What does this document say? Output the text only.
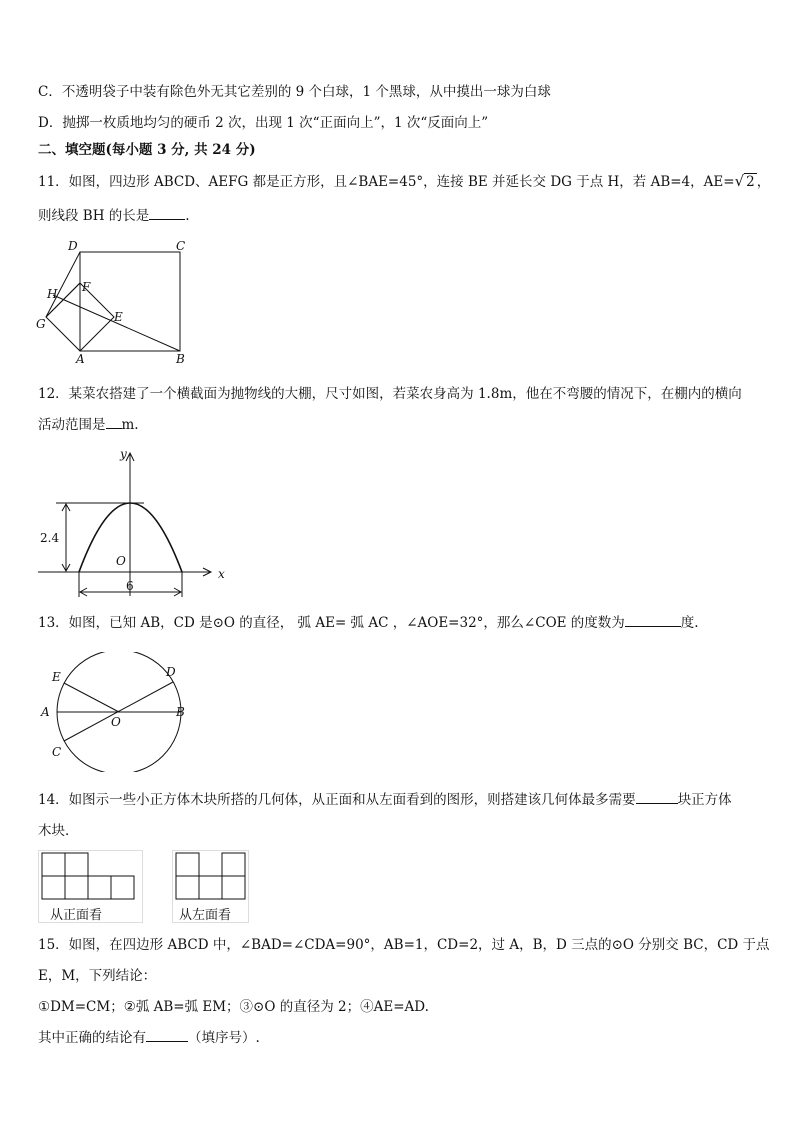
C．不透明袋子中装有除色外无其它差别的 9 个白球，1 个黑球，从中摸出一球为白球
D．抛掷一枚质地均匀的硬币 2 次，出现 1 次“正面向上”，1 次“反面向上”
二、填空题(每小题 3 分, 共 24 分)
11．如图，四边形 ABCD、AEFG 都是正方形，且∠BAE=45°，连接 BE 并延长交 DG 于点 H，若 AB=4，AE=√ 2 ，
则线段 BH 的长是	.
D	C
F
H
E
G
A	B
12．某菜农搭建了一个横截面为抛物线的大棚，尺寸如图，若菜农身高为 1.8m，他在不弯腰的情况下，在棚内的横向
活动范围是 m.
y
x
O
2.4
6
13．如图，已知 AB，CD 是⊙O 的直径， 弧 AE= 弧 AC ，∠AOE=32°，那么∠COE 的度数为	度.
E	D
A
O
B
C
14．如图示一些小正方体木块所搭的几何体，从正面和从左面看到的图形，则搭建该几何体最多需要	块正方体
木块．
从正面看	从左面看
15．如图，在四边形 ABCD 中，∠BAD=∠CDA=90°，AB=1，CD=2，过 A，B，D 三点的⊙O 分别交 BC，CD 于点
E，M，下列结论：
①DM=CM；②弧 AB=弧 EM；③⊙O 的直径为 2；④AE=AD.
其中正确的结论有	（填序号）.
